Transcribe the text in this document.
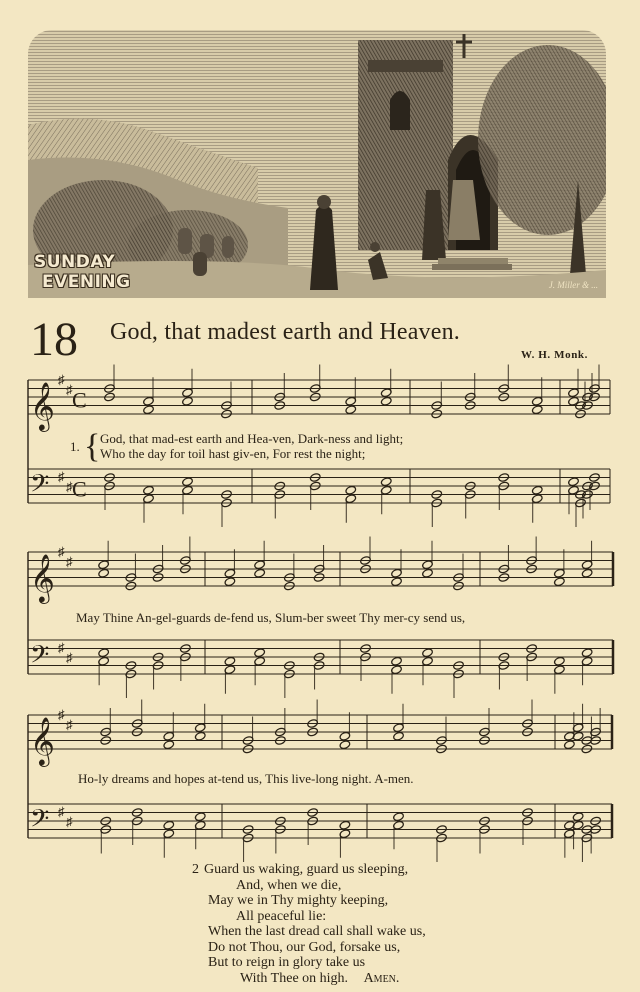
SUNDAY
EVENING	J. Miller & ...
18 God, that madest earth and Heaven.
W. H. Monk.
𝄞
♯
♯
𝄢 ♯
♯
𝄞
♯
♯
𝄢 ♯
♯
𝄞
♯
♯
𝄢 ♯
♯
C
C
1. { God, that mad-est earth and Hea-ven, Dark-ness and light;
Who the day for toil hast giv-en, For rest the night;
May Thine An-gel-guards de-fend us, Slum-ber sweet Thy mer-cy send us,
Ho-ly dreams and hopes at-tend us, This live-long night. A-men.
2 Guard us waking, guard us sleeping,
And, when we die,
May we in Thy mighty keeping,
All peaceful lie:
When the last dread call shall wake us,
Do not Thou, our God, forsake us,
But to reign in glory take us
With Thee on high. Amen.
